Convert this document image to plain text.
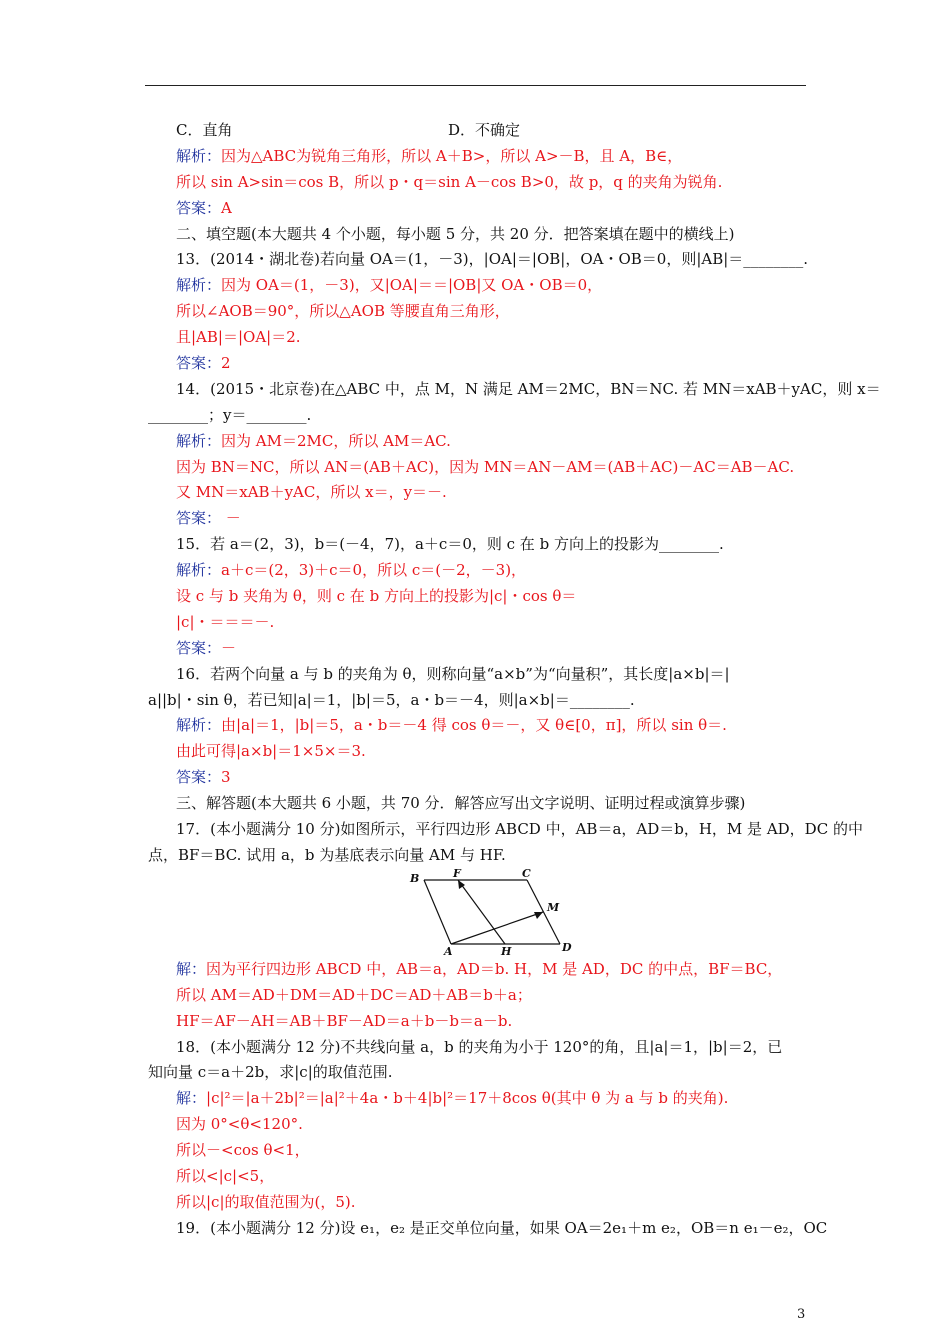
C．直角	D．不确定
解析：因为△ABC为锐角三角形，所以 A＋B>，所以 A>－B，且 A，B∈，
所以 sin A>sin＝cos B，所以 p・q＝sin A－cos B>0，故 p，q 的夹角为锐角.
答案：A
二、填空题(本大题共 4 个小题，每小题 5 分，共 20 分．把答案填在题中的横线上)
13．(2014・湖北卷)若向量 OA＝(1，－3)，|OA|＝|OB|，OA・OB＝0，则|AB|＝________.
解析：因为 OA＝(1，－3)，又|OA|＝＝|OB|又 OA・OB＝0，
所以∠AOB＝90°，所以△AOB 等腰直角三角形，
且|AB|＝|OA|＝2.
答案：2
14．(2015・北京卷)在△ABC 中，点 M，N 满足 AM＝2MC，BN＝NC. 若 MN＝xAB＋yAC，则 x＝
________；y＝________.
解析：因为 AM＝2MC，所以 AM＝AC.
因为 BN＝NC，所以 AN＝(AB＋AC)，因为 MN＝AN－AM＝(AB＋AC)－AC＝AB－AC.
又 MN＝xAB＋yAC，所以 x＝，y＝－.
答案： －
15．若 a＝(2，3)，b＝(－4，7)，a＋c＝0，则 c 在 b 方向上的投影为________.
解析：a＋c＝(2，3)＋c＝0，所以 c＝(－2，－3)，
设 c 与 b 夹角为 θ，则 c 在 b 方向上的投影为|c|・cos θ＝
|c|・＝＝＝－.
答案：－
16．若两个向量 a 与 b 的夹角为 θ，则称向量“a×b”为“向量积”，其长度|a×b|＝|
a||b|・sin θ，若已知|a|＝1，|b|＝5，a・b＝－4，则|a×b|＝________.
解析：由|a|＝1，|b|＝5，a・b＝－4 得 cos θ＝－，又 θ∈[0，π]，所以 sin θ＝.
由此可得|a×b|＝1×5×＝3.
答案：3
三、解答题(本大题共 6 小题，共 70 分．解答应写出文字说明、证明过程或演算步骤)
17．(本小题满分 10 分)如图所示，平行四边形 ABCD 中，AB＝a，AD＝b，H，M 是 AD，DC 的中
点，BF＝BC. 试用 a，b 为基底表示向量 AM 与 HF.
B	F	C
M
A	H	D
解：因为平行四边形 ABCD 中，AB＝a，AD＝b. H，M 是 AD，DC 的中点，BF＝BC，
所以 AM＝AD＋DM＝AD＋DC＝AD＋AB＝b＋a；
HF＝AF－AH＝AB＋BF－AD＝a＋b－b＝a－b.
18．(本小题满分 12 分)不共线向量 a，b 的夹角为小于 120°的角，且|a|＝1，|b|＝2，已
知向量 c＝a＋2b，求|c|的取值范围.
解：|c|²＝|a＋2b|²＝|a|²＋4a・b＋4|b|²＝17＋8cos θ(其中 θ 为 a 与 b 的夹角).
因为 0°<θ<120°.
所以－<cos θ<1，
所以<|c|<5，
所以|c|的取值范围为(，5).
19．(本小题满分 12 分)设 e₁，e₂ 是正交单位向量，如果 OA＝2e₁＋m e₂，OB＝n e₁－e₂，OC
3
